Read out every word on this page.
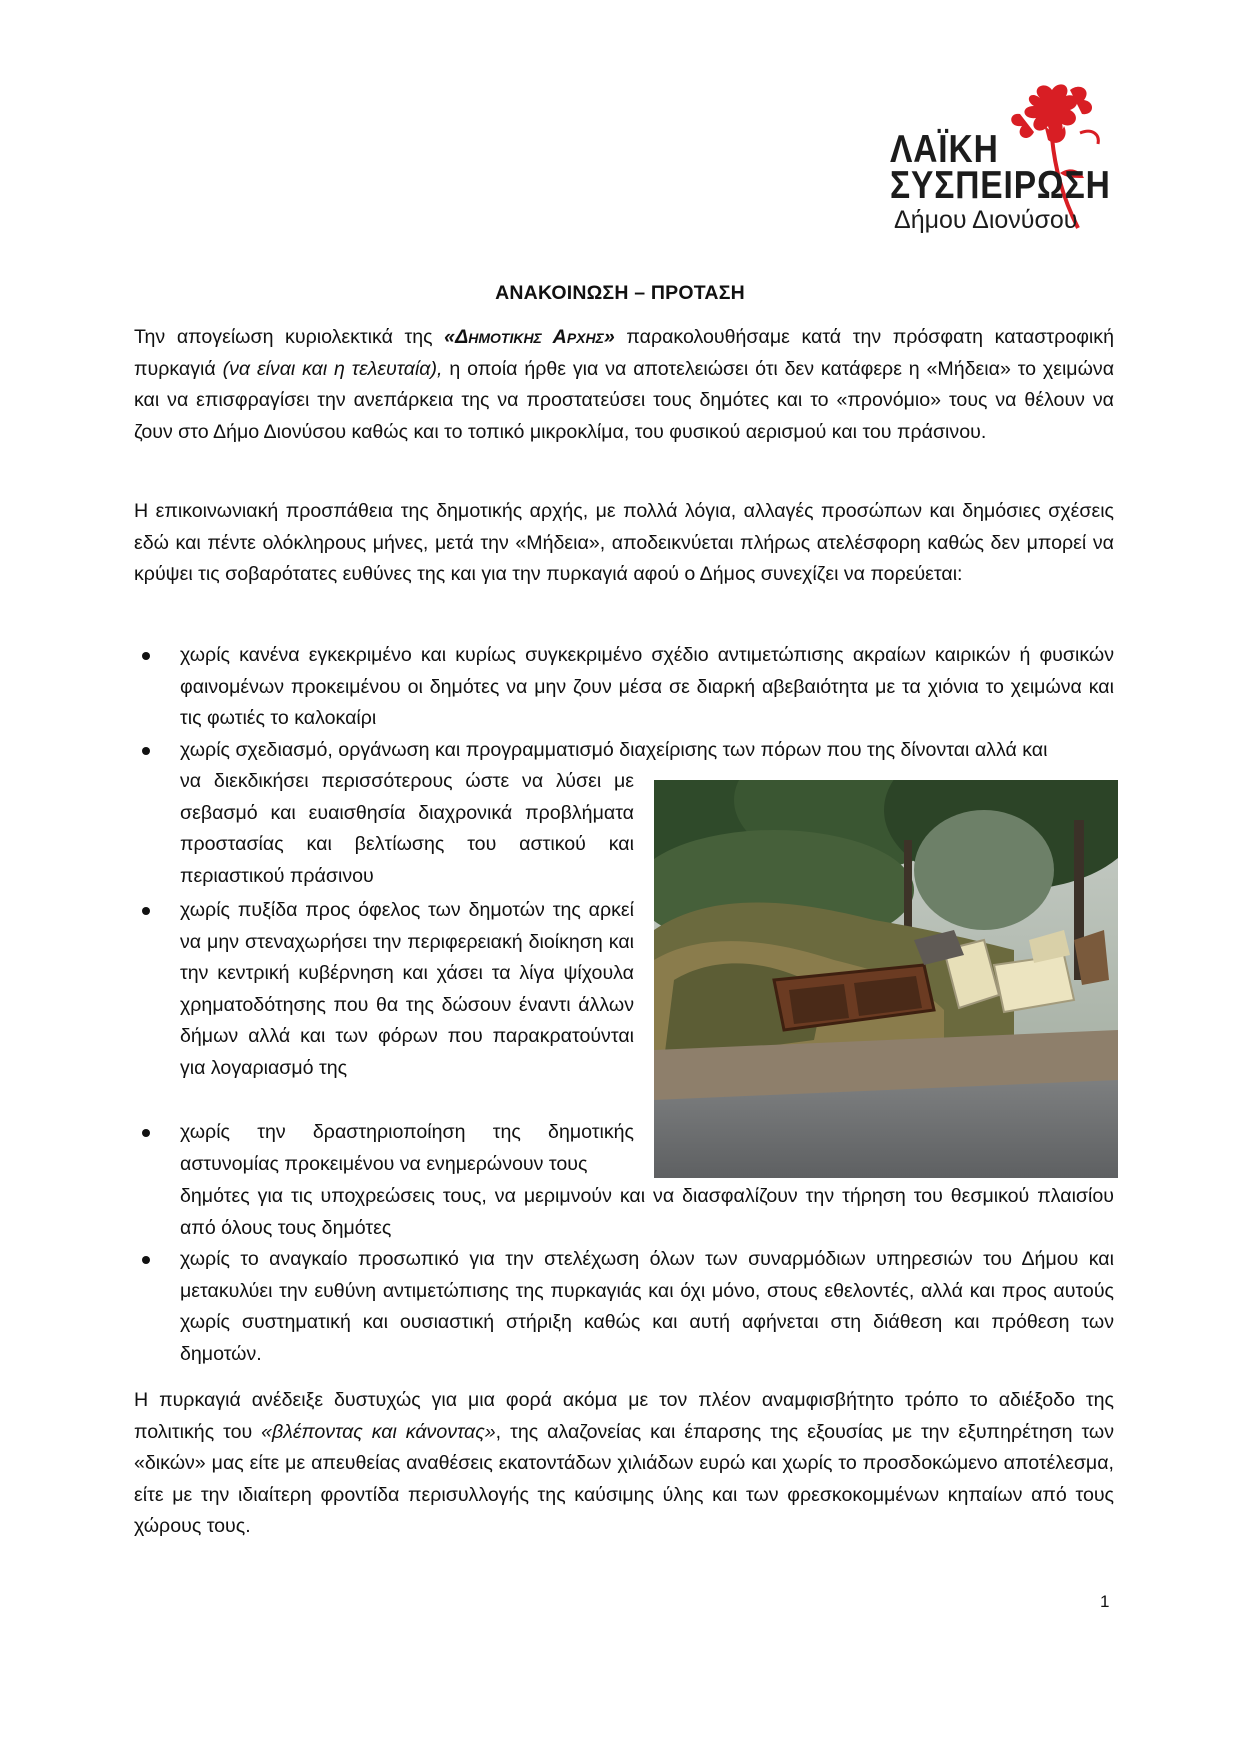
ΛΑΪΚΗ
ΣΥΣΠΕΙΡΩΣΗ
Δήμου Διονύσου
ΑΝΑΚΟΙΝΩΣΗ – ΠΡΟΤΑΣΗ
Την απογείωση κυριολεκτικά της «Δημοτικης Αρχης» παρακολουθήσαμε κατά την πρόσφατη καταστροφική πυρκαγιά (να είναι και η τελευταία), η οποία ήρθε για να αποτελειώσει ότι δεν κατάφερε η «Μήδεια» το χειμώνα και να επισφραγίσει την ανεπάρκεια της να προστατεύσει τους δημότες και το «προνόμιο» τους να θέλουν να ζουν στο Δήμο Διονύσου καθώς και το τοπικό μικροκλίμα, του φυσικού αερισμού και του πράσινου.
Η επικοινωνιακή προσπάθεια της δημοτικής αρχής, με πολλά λόγια, αλλαγές προσώπων και δημόσιες σχέσεις εδώ και πέντε ολόκληρους μήνες, μετά την «Μήδεια», αποδεικνύεται πλήρως ατελέσφορη καθώς δεν μπορεί να κρύψει τις σοβαρότατες ευθύνες της και για την πυρκαγιά αφού ο Δήμος συνεχίζει να πορεύεται:
χωρίς κανένα εγκεκριμένο και κυρίως συγκεκριμένο σχέδιο αντιμετώπισης ακραίων καιρικών ή φυσικών φαινομένων προκειμένου οι δημότες να μην ζουν μέσα σε διαρκή αβεβαιότητα με τα χιόνια το χειμώνα και τις φωτιές το καλοκαίρι
χωρίς σχεδιασμό, οργάνωση και προγραμματισμό διαχείρισης των πόρων που της δίνονται αλλά και
να διεκδικήσει περισσότερους ώστε να λύσει με σεβασμό και ευαισθησία διαχρονικά προβλήματα προστασίας και βελτίωσης του αστικού και περιαστικού πράσινου
χωρίς πυξίδα προς όφελος των δημοτών της αρκεί να μην στεναχωρήσει την περιφερειακή διοίκηση και την κεντρική κυβέρνηση και χάσει τα λίγα ψίχουλα χρηματοδότησης που θα της δώσουν έναντι άλλων δήμων αλλά και των φόρων που παρακρατούνται για λογαριασμό της
χωρίς την δραστηριοποίηση της δημοτικής αστυνομίας προκειμένου να ενημερώνουν τους
δημότες για τις υποχρεώσεις τους, να μεριμνούν και να διασφαλίζουν την τήρηση του θεσμικού πλαισίου από όλους τους δημότες
χωρίς το αναγκαίο προσωπικό για την στελέχωση όλων των συναρμόδιων υπηρεσιών του Δήμου και μετακυλύει την ευθύνη αντιμετώπισης της πυρκαγιάς και όχι μόνο, στους εθελοντές, αλλά και προς αυτούς χωρίς συστηματική και ουσιαστική στήριξη καθώς και αυτή αφήνεται στη διάθεση και πρόθεση των δημοτών.
Η πυρκαγιά ανέδειξε δυστυχώς για μια φορά ακόμα με τον πλέον αναμφισβήτητο τρόπο το αδιέξοδο της πολιτικής του «βλέποντας και κάνοντας», της αλαζονείας και έπαρσης της εξουσίας με την εξυπηρέτηση των «δικών» μας είτε με απευθείας αναθέσεις εκατοντάδων χιλιάδων ευρώ και χωρίς το προσδοκώμενο αποτέλεσμα, είτε με την ιδιαίτερη φροντίδα περισυλλογής της καύσιμης ύλης και των φρεσκοκομμένων κηπαίων από τους χώρους τους.
1
